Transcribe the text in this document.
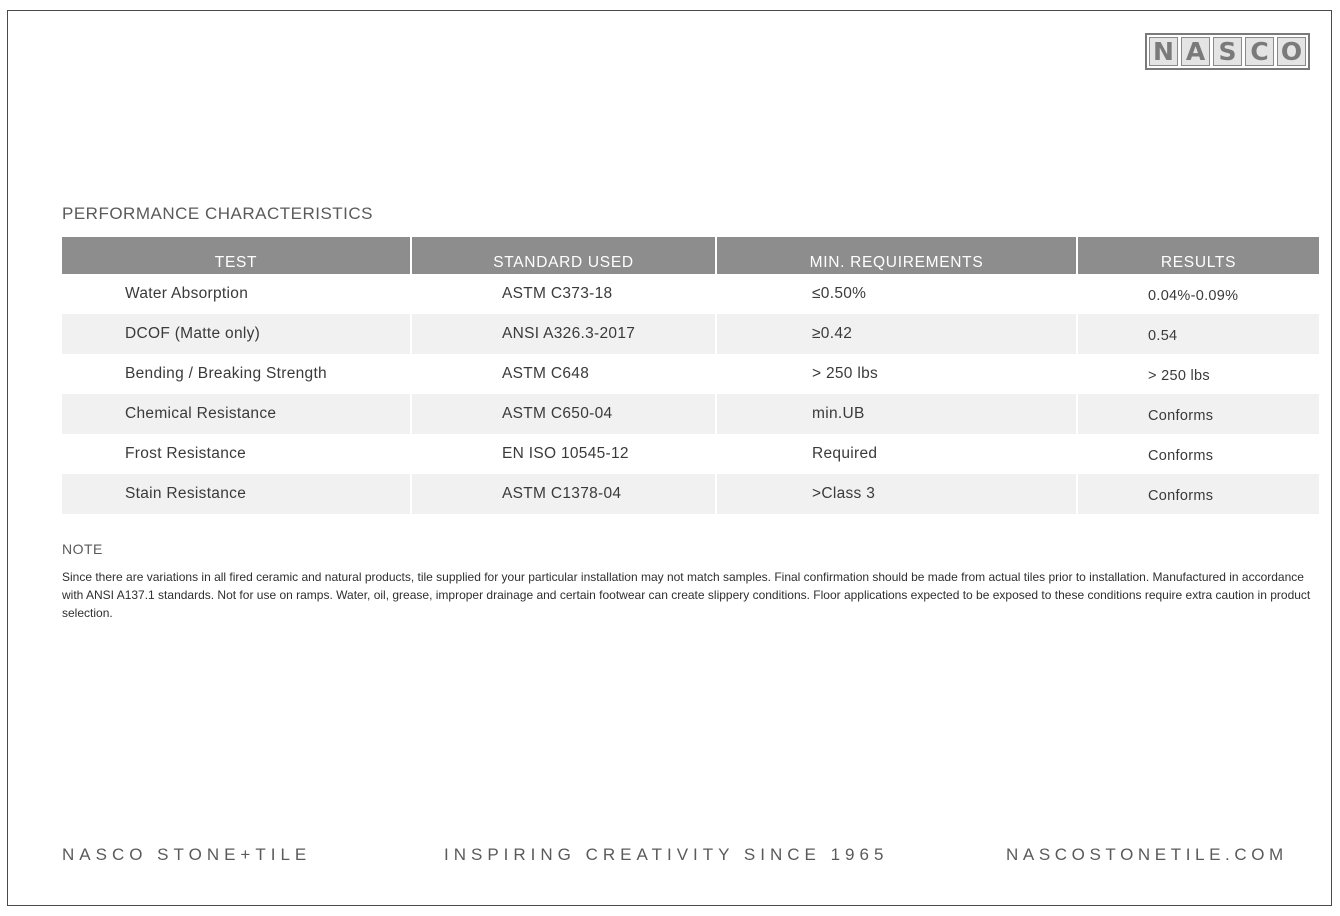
N A S C O
PERFORMANCE CHARACTERISTICS
TEST	STANDARD USED	MIN. REQUIREMENTS	RESULTS
Water Absorption	ASTM C373-18	≤0.50%	0.04%-0.09%
DCOF (Matte only)	ANSI A326.3-2017	≥0.42	0.54
Bending / Breaking Strength	ASTM C648	> 250 lbs	> 250 lbs
Chemical Resistance	ASTM C650-04	min.UB	Conforms
Frost Resistance	EN ISO 10545-12	Required	Conforms
Stain Resistance	ASTM C1378-04	>Class 3	Conforms
NOTE

Since there are variations in all fired ceramic and natural products, tile supplied for your particular installation may not match samples. Final confirmation should be made from actual tiles prior to installation. Manufactured in accordance with ANSI A137.1 standards. Not for use on ramps. Water, oil, grease, improper drainage and certain footwear can create slippery conditions. Floor applications expected to be exposed to these conditions require extra caution in product selection.

NASCO STONE+TILE	INSPIRING CREATIVITY SINCE 1965	NASCOSTONETILE.COM
